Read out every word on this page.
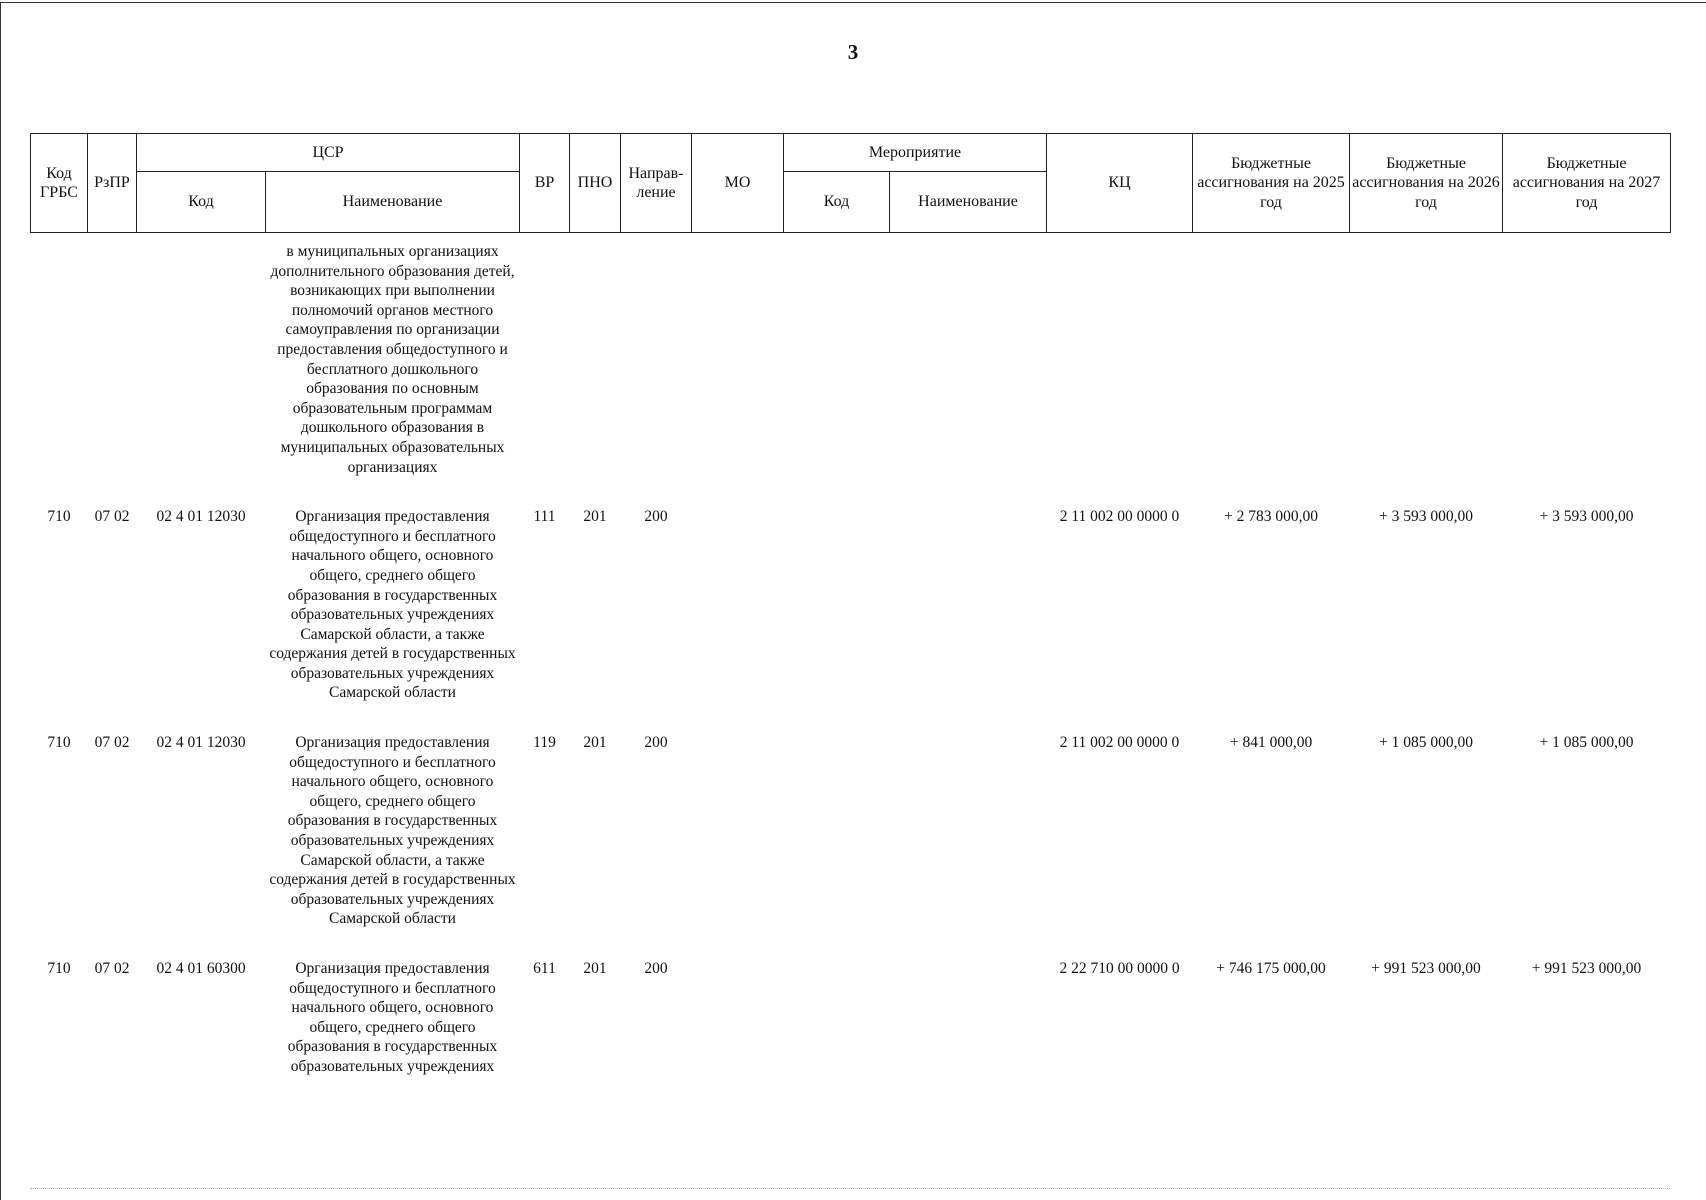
3
Код ГРБС	РзПР	ЦСР		ВР	ПНО	Направ-ление	МО	Мероприятие		КЦ	Бюджетные ассигнования на 2025 год	Бюджетные ассигнования на 2026 год	Бюджетные ассигнования на 2027 год
		Код	Наименование					Код	Наименование				
			в муниципальных организациях дополнительного образования детей, возникающих при выполнении полномочий органов местного самоуправления по организации предоставления общедоступного и бесплатного дошкольного образования по основным образовательным программам дошкольного образования в муниципальных образовательных организациях										
710	07 02	02 4 01 12030	Организация предоставления общедоступного и бесплатного начального общего, основного общего, среднего общего образования в государственных образовательных учреждениях Самарской области, а также содержания детей в государственных образовательных учреждениях Самарской области	111	201	200				2 11 002 00 0000 0	+ 2 783 000,00	+ 3 593 000,00	+ 3 593 000,00
710	07 02	02 4 01 12030	Организация предоставления общедоступного и бесплатного начального общего, основного общего, среднего общего образования в государственных образовательных учреждениях Самарской области, а также содержания детей в государственных образовательных учреждениях Самарской области	119	201	200				2 11 002 00 0000 0	+ 841 000,00	+ 1 085 000,00	+ 1 085 000,00
710	07 02	02 4 01 60300	Организация предоставления общедоступного и бесплатного начального общего, основного общего, среднего общего образования в государственных образовательных учреждениях	611	201	200				2 22 710 00 0000 0	+ 746 175 000,00	+ 991 523 000,00	+ 991 523 000,00
